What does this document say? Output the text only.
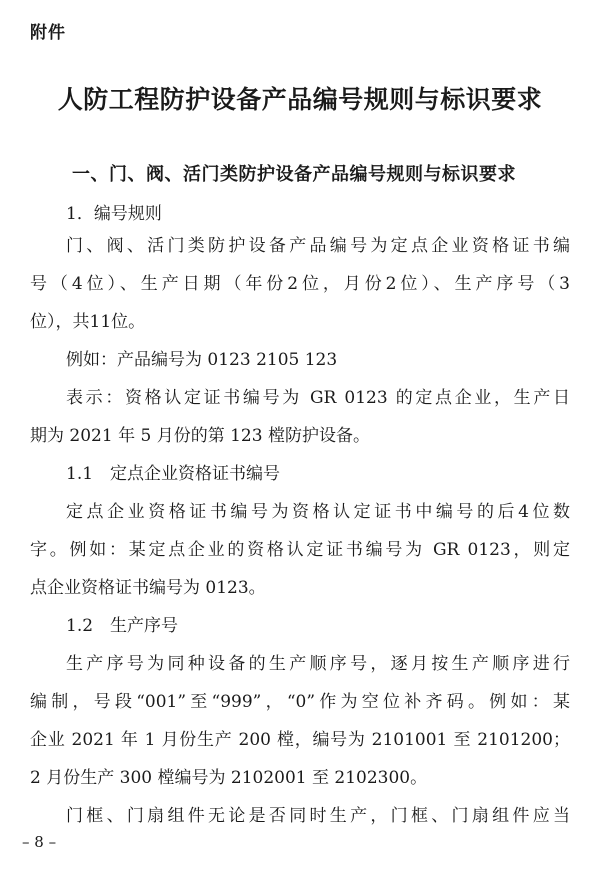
附件
人防工程防护设备产品编号规则与标识要求
一、门、阀、活门类防护设备产品编号规则与标识要求
1．编号规则
门、阀、活门类防护设备产品编号为定点企业资格证书编
号（4位）、生产日期（年份2位，月份2位）、生产序号（3
位），共11位。
例如：产品编号为 0123 2105 123
表示：资格认定证书编号为 GR 0123 的定点企业，生产日
期为 2021 年 5 月份的第 123 樘防护设备。
1.1　定点企业资格证书编号
定点企业资格证书编号为资格认定证书中编号的后4位数
字。例如：某定点企业的资格认定证书编号为 GR 0123，则定
点企业资格证书编号为 0123。
1.2　生产序号
生产序号为同种设备的生产顺序号，逐月按生产顺序进行
编制，号段“001”至“999”，“0”作为空位补齐码。例如：某
企业 2021 年 1 月份生产 200 樘，编号为 2101001 至 2101200；
2 月份生产 300 樘编号为 2102001 至 2102300。
门框、门扇组件无论是否同时生产，门框、门扇组件应当
– 8 –
